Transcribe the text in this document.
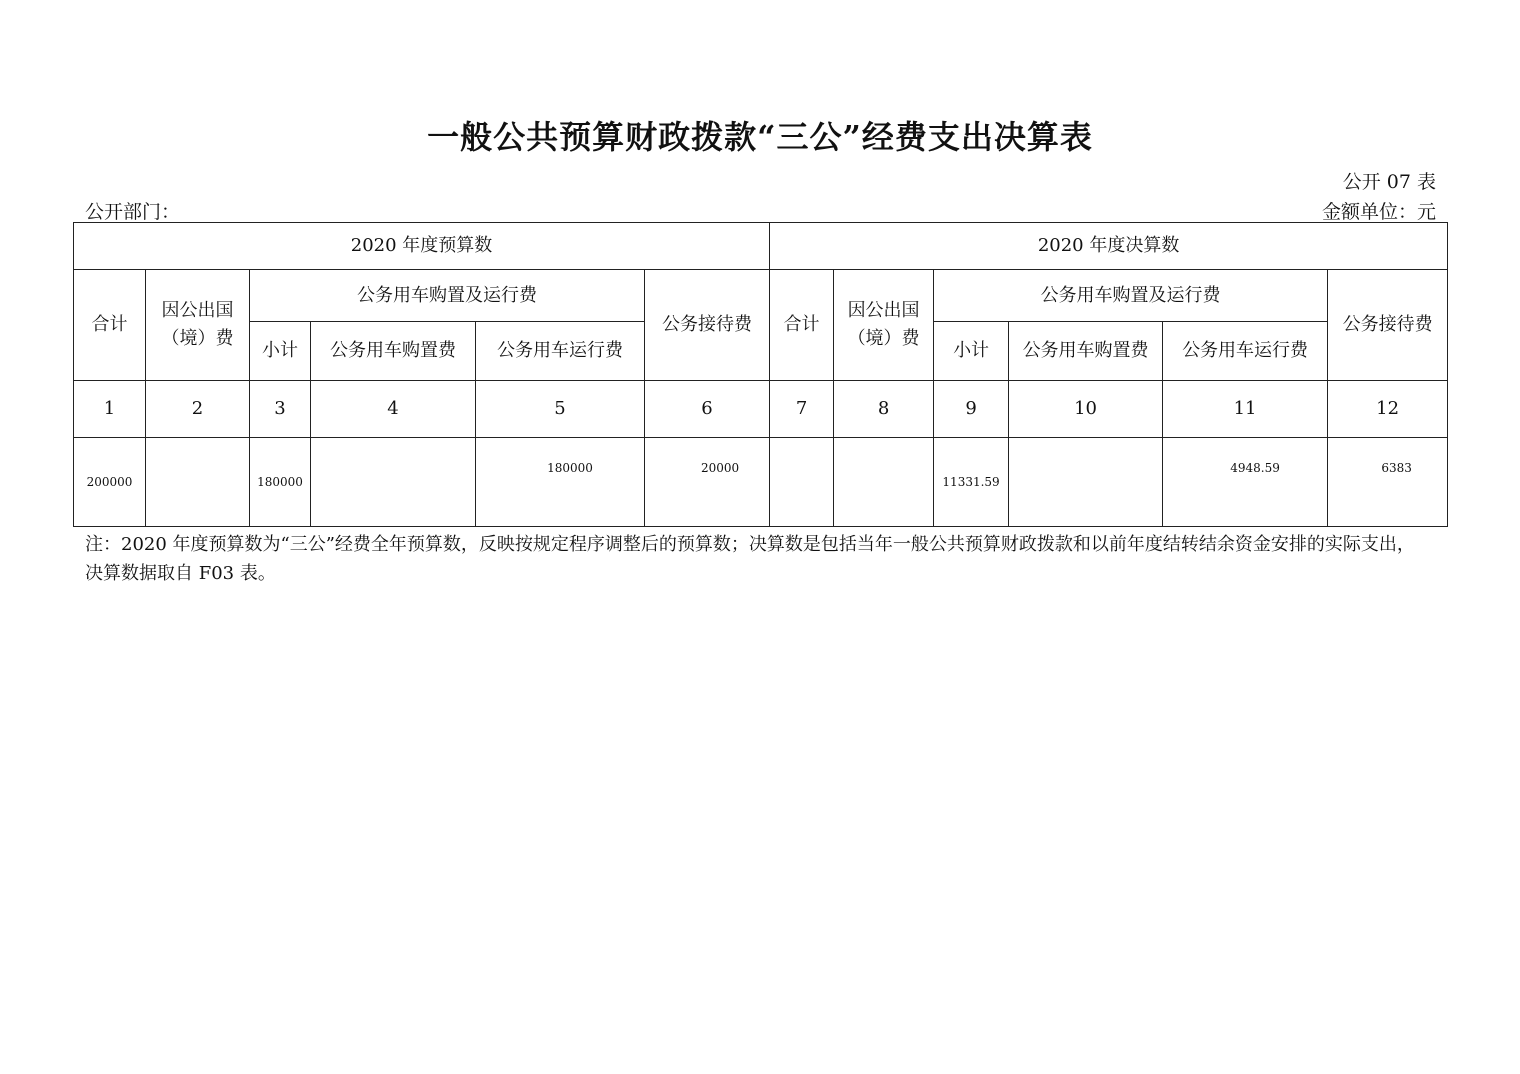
一般公共预算财政拨款“三公”经费支出决算表
公开 07 表
公开部门：	金额单位：元
2020 年度预算数						2020 年度决算数					
合计	因公出国（境）费	公务用车购置及运行费			公务接待费	合计	因公出国（境）费	公务用车购置及运行费			公务接待费
		小计	公务用车购置费	公务用车运行费				小计	公务用车购置费	公务用车运行费	
1	2	3	4	5	6	7	8	9	10	11	12
200000		180000		180000	20000			11331.59		4948.59	6383
注：2020 年度预算数为“三公”经费全年预算数，反映按规定程序调整后的预算数；决算数是包括当年一般公共预算财政拨款和以前年度结转结余资金安排的实际支出，决算数据取自 F03 表。
